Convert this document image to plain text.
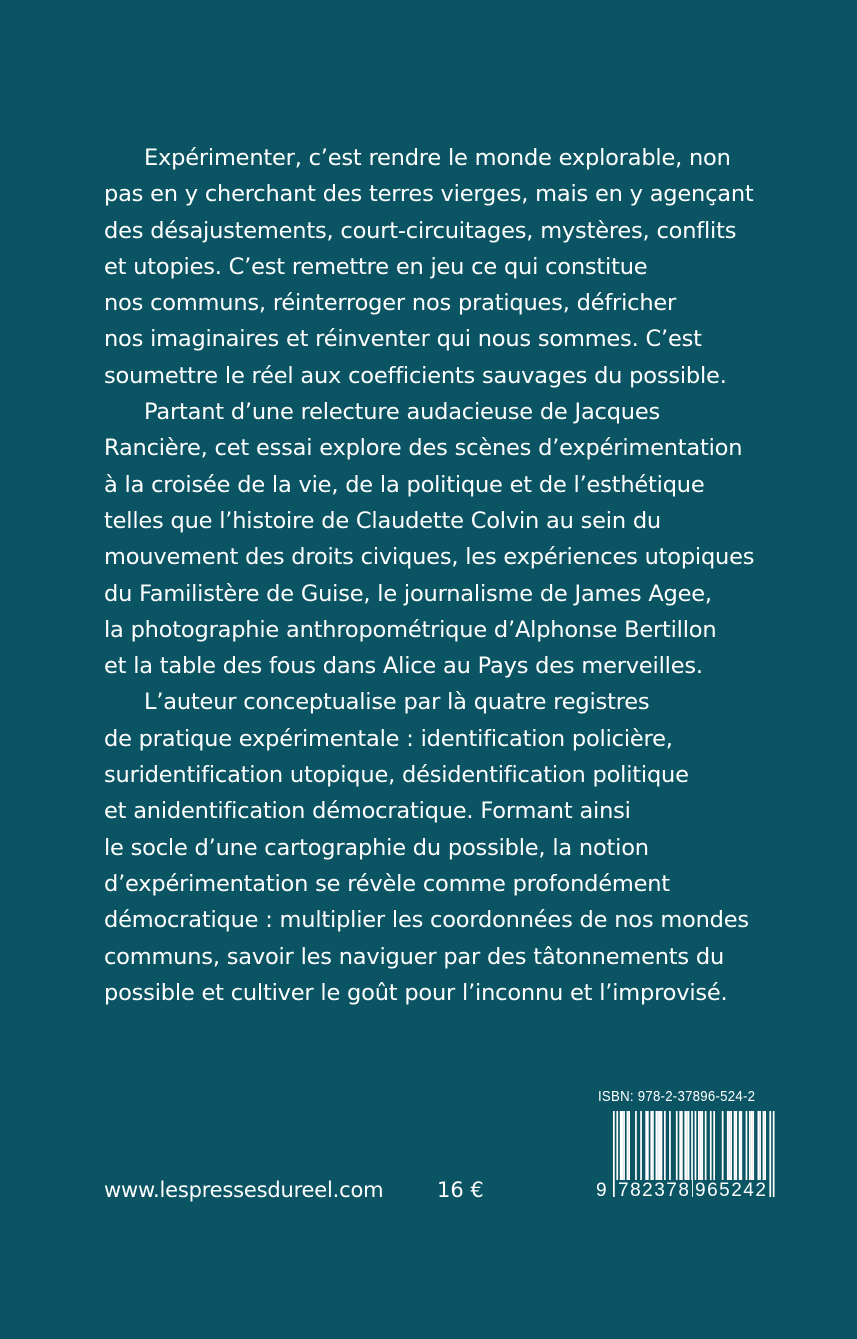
Expérimenter, c’est rendre le monde explorable, non
pas en y cherchant des terres vierges, mais en y agençant
des désajustements, court-circuitages, mystères, conflits
et utopies. C’est remettre en jeu ce qui constitue
nos communs, réinterroger nos pratiques, défricher
nos imaginaires et réinventer qui nous sommes. C’est
soumettre le réel aux coefficients sauvages du possible.
Partant d’une relecture audacieuse de Jacques
Rancière, cet essai explore des scènes d’expérimentation
à la croisée de la vie, de la politique et de l’esthétique
telles que l’histoire de Claudette Colvin au sein du
mouvement des droits civiques, les expériences utopiques
du Familistère de Guise, le journalisme de James Agee,
la photographie anthropométrique d’Alphonse Bertillon
et la table des fous dans Alice au Pays des merveilles.
L’auteur conceptualise par là quatre registres
de pratique expérimentale : identification policière,
suridentification utopique, désidentification politique
et anidentification démocratique. Formant ainsi
le socle d’une cartographie du possible, la notion
d’expérimentation se révèle comme profondément
démocratique : multiplier les coordonnées de nos mondes
communs, savoir les naviguer par des tâtonnements du
possible et cultiver le goût pour l’inconnu et l’improvisé.
ISBN: 978-2-37896-524-2
9 782378 965242
www.lespressesdureel.com	16 €
